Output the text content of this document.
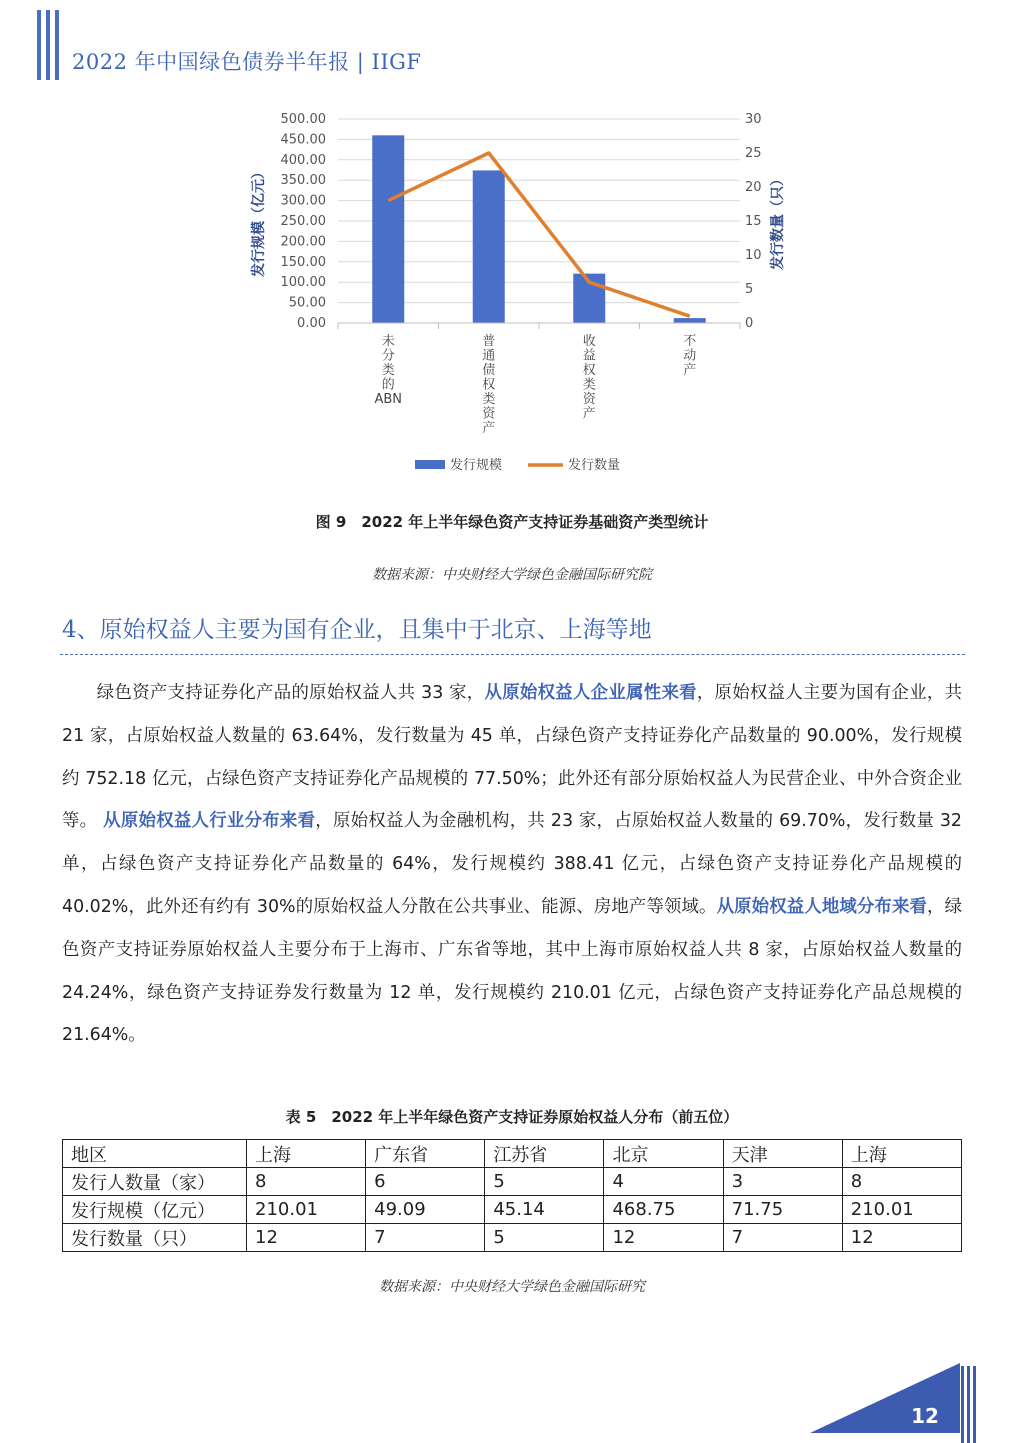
2022 年中国绿色债券半年报 | IIGF
0.00
50.00
100.00
150.00
200.00
250.00
300.00
350.00
400.00
450.00
500.00
0
5
10
15
20
25
30
发行规模（亿元）	发行数量（只）
未分类的 ABN
普通债权类资产
收益权类资产
不动产
发行规模	发行数量
图 9　2022 年上半年绿色资产支持证券基础资产类型统计
数据来源：中央财经大学绿色金融国际研究院
4、原始权益人主要为国有企业，且集中于北京、上海等地
绿色资产支持证券化产品的原始权益人共 33 家，从原始权益人企业属性来看，原始权益人主要为国有企业，共 21 家，占原始权益人数量的 63.64%，发行数量为 45 单，占绿色资产支持证券化产品数量的 90.00%，发行规模约 752.18 亿元，占绿色资产支持证券化产品规模的 77.50%；此外还有部分原始权益人为民营企业、中外合资企业等。 从原始权益人行业分布来看，原始权益人为金融机构，共 23 家，占原始权益人数量的 69.70%，发行数量 32 单，占绿色资产支持证券化产品数量的 64%，发行规模约 388.41 亿元，占绿色资产支持证券化产品规模的 40.02%，此外还有约有 30%的原始权益人分散在公共事业、能源、房地产等领域。从原始权益人地域分布来看，绿色资产支持证券原始权益人主要分布于上海市、广东省等地，其中上海市原始权益人共 8 家，占原始权益人数量的 24.24%，绿色资产支持证券发行数量为 12 单，发行规模约 210.01 亿元，占绿色资产支持证券化产品总规模的 21.64%。
表 5　2022 年上半年绿色资产支持证券原始权益人分布（前五位）
地区	上海	广东省	江苏省	北京	天津	上海
发行人数量（家）	8	6	5	4	3	8
发行规模（亿元）	210.01	49.09	45.14	468.75	71.75	210.01
发行数量（只）	12	7	5	12	7	12
数据来源：中央财经大学绿色金融国际研究
12
